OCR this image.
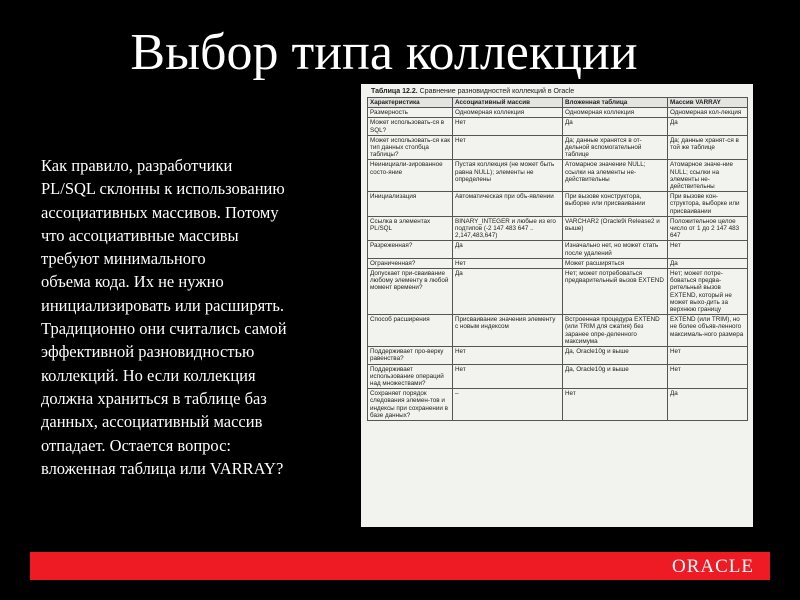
Выбор типа коллекции
Как правило, разработчики
PL/SQL склонны к использованию
ассоциативных массивов. Потому
что ассоциативные массивы
требуют минимального
объема кода. Их не нужно
инициализировать или расширять.
Традиционно они считались самой
эффективной разновидностью
коллекций. Но если коллекция
должна храниться в таблице баз
данных, ассоциативный массив
отпадает. Остается вопрос:
вложенная таблица или VARRAY?
Таблица 12.2. Сравнение разновидностей коллекций в Oracle
Характеристика	Ассоциативный массив	Вложенная таблица	Массив VARRAY
Размерность	Одномерная коллекция	Одномерная коллекция	Одномерная кол-лекция
Может использовать-ся в SQL?	Нет	Да	Да
Может использовать-ся как тип данных столбца таблицы?	Нет	Да; данные хранятся в от-дельной вспомогательной таблице	Да; данные хранят-ся в той же таблице
Неинициали-зированное состо-яние	Пустая коллекция (не может быть равна NULL); элементы не определены	Атомарное значение NULL; ссылки на элементы не-действительны	Атомарное значе-ние NULL; ссылки на элементы не-действительны
Инициализация	Автоматическая при объ-явлении	При вызове конструктора, выборке или присваивании	При вызове кон-структора, выборке или присваивании
Ссылка в элементах PL/SQL	BINARY_INTEGER и любые из его подтипов (-2 147 483 647 .. 2,147,483,647)	VARCHAR2 (Oracle9i Release2 и выше)	Положительное целое число от 1 до 2 147 483 647
Разреженная?	Да	Изначально нет, но может стать после удалений	Нет
Ограниченная?	Нет	Может расширяться	Да
Допускает при-сваивание любому элементу в любой момент времени?	Да	Нет; может потребоваться предварительный вызов EXTEND	Нет; может потре-боваться предва-рительный вызов EXTEND, который не может выхо-дить за верхнюю границу
Способ расширения	Присваивание значения элементу с новым индексом	Встроенная процедура EXTEND (или TRIM для сжатия) без заранее опре-деленного максимума	EXTEND (или TRIM), но не более объяв-ленного максималь-ного размера
Поддерживает про-верку равенства?	Нет	Да, Oracle10g и выше	Нет
Поддерживает использование операций над множествами?	Нет	Да, Oracle10g и выше	Нет
Сохраняет порядок следования элемен-тов и индексы при сохранении в базе данных?	–	Нет	Да
ORACLE
